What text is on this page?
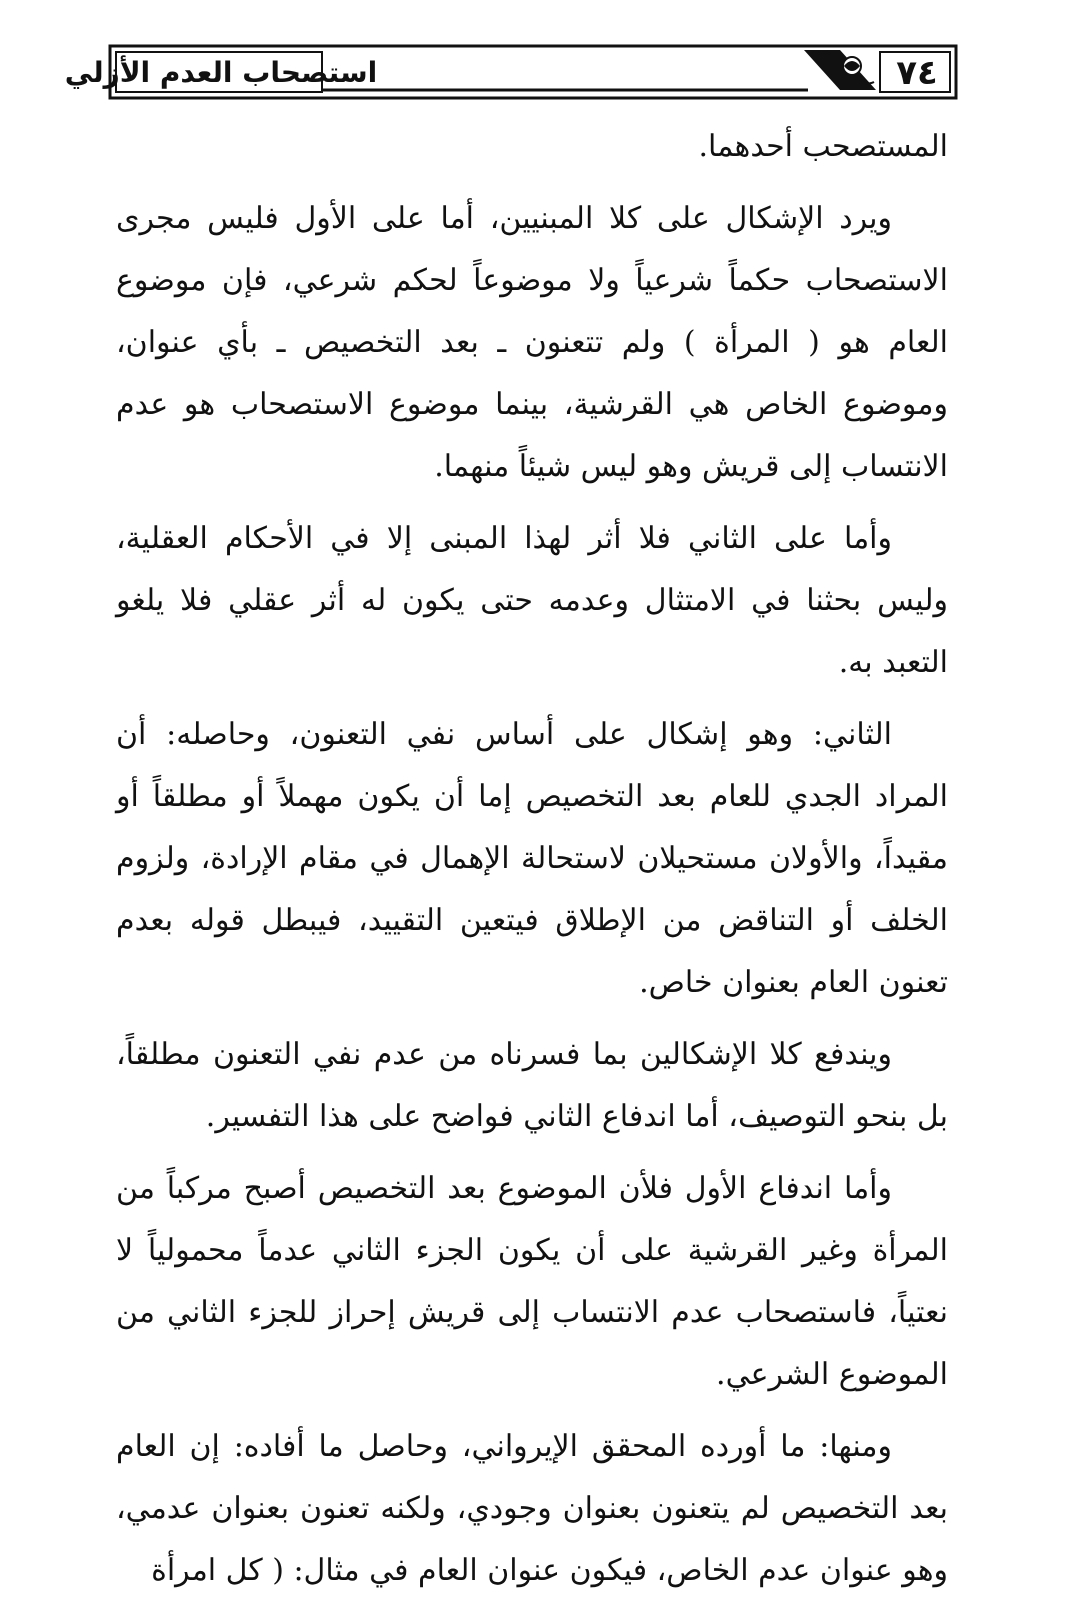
٧٤
استصحاب العدم الأزلي

المستصحب أحدهما.

ويرد الإشكال على كلا المبنيين، أما على الأول فليس مجرى الاستصحاب حكماً شرعياً ولا موضوعاً لحكم شرعي، فإن موضوع العام هو ( المرأة ) ولم تتعنون ـ بعد التخصيص ـ بأي عنوان، وموضوع الخاص هي القرشية، بينما موضوع الاستصحاب هو عدم الانتساب إلى قريش وهو ليس شيئاً منهما.

وأما على الثاني فلا أثر لهذا المبنى إلا في الأحكام العقلية، وليس بحثنا في الامتثال وعدمه حتى يكون له أثر عقلي فلا يلغو التعبد به.

الثاني: وهو إشكال على أساس نفي التعنون، وحاصله: أن المراد الجدي للعام بعد التخصيص إما أن يكون مهملاً أو مطلقاً أو مقيداً، والأولان مستحيلان لاستحالة الإهمال في مقام الإرادة، ولزوم الخلف أو التناقض من الإطلاق فيتعين التقييد، فيبطل قوله بعدم تعنون العام بعنوان خاص.

ويندفع كلا الإشكالين بما فسرناه من عدم نفي التعنون مطلقاً، بل بنحو التوصيف، أما اندفاع الثاني فواضح على هذا التفسير.

وأما اندفاع الأول فلأن الموضوع بعد التخصيص أصبح مركباً من المرأة وغير القرشية على أن يكون الجزء الثاني عدماً محمولياً لا نعتياً، فاستصحاب عدم الانتساب إلى قريش إحراز للجزء الثاني من الموضوع الشرعي.

ومنها: ما أورده المحقق الإيرواني، وحاصل ما أفاده: إن العام بعد التخصيص لم يتعنون بعنوان وجودي، ولكنه تعنون بعنوان عدمي، وهو عنوان عدم الخاص، فيكون عنوان العام في مثال: ( كل امرأة
